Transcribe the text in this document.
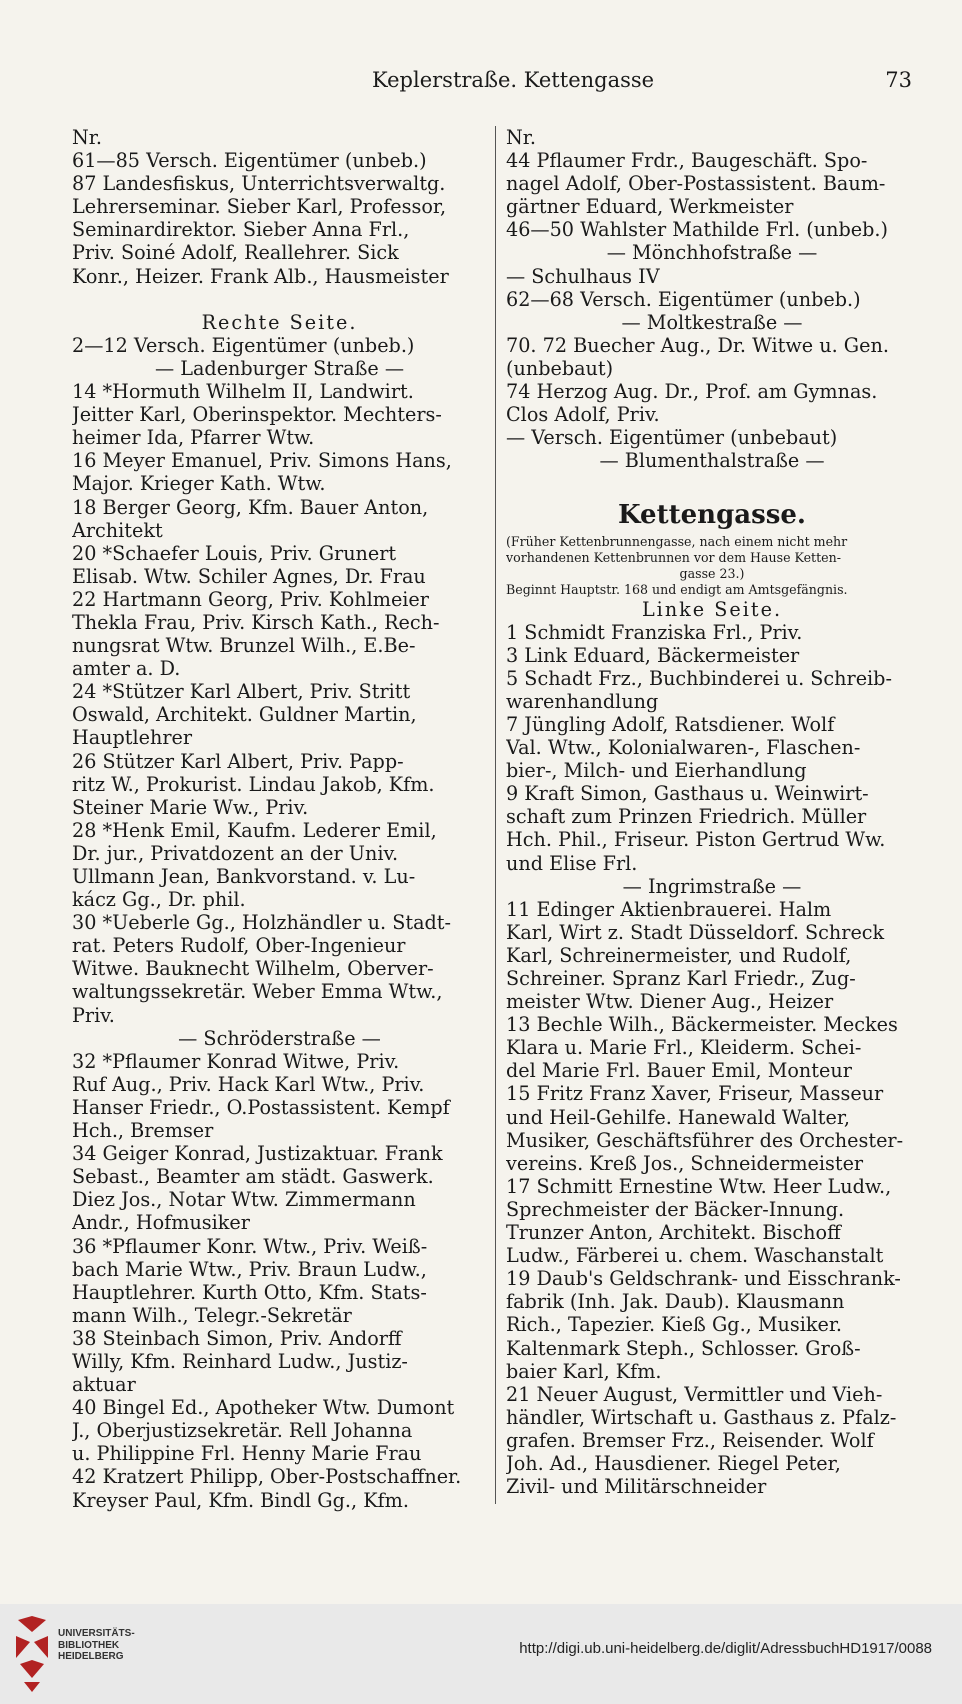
Keplerstraße. Kettengasse	73
Nr.
61—85 Versch. Eigentümer (unbeb.)
87 Landesfiskus, Unterrichtsverwaltg.
Lehrerseminar. Sieber Karl, Professor,
Seminardirektor. Sieber Anna Frl.,
Priv. Soiné Adolf, Reallehrer. Sick
Konr., Heizer. Frank Alb., Hausmeister
Rechte Seite.
2—12 Versch. Eigentümer (unbeb.)
— Ladenburger Straße —
14 *Hormuth Wilhelm II, Landwirt.
Jeitter Karl, Oberinspektor. Mechters-
heimer Ida, Pfarrer Wtw.
16 Meyer Emanuel, Priv. Simons Hans,
Major. Krieger Kath. Wtw.
18 Berger Georg, Kfm. Bauer Anton,
Architekt
20 *Schaefer Louis, Priv. Grunert
Elisab. Wtw. Schiler Agnes, Dr. Frau
22 Hartmann Georg, Priv. Kohlmeier
Thekla Frau, Priv. Kirsch Kath., Rech-
nungsrat Wtw. Brunzel Wilh., E.Be-
amter a. D.
24 *Stützer Karl Albert, Priv. Stritt
Oswald, Architekt. Guldner Martin,
Hauptlehrer
26 Stützer Karl Albert, Priv. Papp-
ritz W., Prokurist. Lindau Jakob, Kfm.
Steiner Marie Ww., Priv.
28 *Henk Emil, Kaufm. Lederer Emil,
Dr. jur., Privatdozent an der Univ.
Ullmann Jean, Bankvorstand. v. Lu-
kácz Gg., Dr. phil.
30 *Ueberle Gg., Holzhändler u. Stadt-
rat. Peters Rudolf, Ober-Ingenieur
Witwe. Bauknecht Wilhelm, Oberver-
waltungssekretär. Weber Emma Wtw.,
Priv.
— Schröderstraße —
32 *Pflaumer Konrad Witwe, Priv.
Ruf Aug., Priv. Hack Karl Wtw., Priv.
Hanser Friedr., O.Postassistent. Kempf
Hch., Bremser
34 Geiger Konrad, Justizaktuar. Frank
Sebast., Beamter am städt. Gaswerk.
Diez Jos., Notar Wtw. Zimmermann
Andr., Hofmusiker
36 *Pflaumer Konr. Wtw., Priv. Weiß-
bach Marie Wtw., Priv. Braun Ludw.,
Hauptlehrer. Kurth Otto, Kfm. Stats-
mann Wilh., Telegr.-Sekretär
38 Steinbach Simon, Priv. Andorff
Willy, Kfm. Reinhard Ludw., Justiz-
aktuar
40 Bingel Ed., Apotheker Wtw. Dumont
J., Oberjustizsekretär. Rell Johanna
u. Philippine Frl. Henny Marie Frau
42 Kratzert Philipp, Ober-Postschaffner.
Kreyser Paul, Kfm. Bindl Gg., Kfm.
Nr.
44 Pflaumer Frdr., Baugeschäft. Spo-
nagel Adolf, Ober-Postassistent. Baum-
gärtner Eduard, Werkmeister
46—50 Wahlster Mathilde Frl. (unbeb.)
— Mönchhofstraße —
— Schulhaus IV
62—68 Versch. Eigentümer (unbeb.)
— Moltkestraße —
70. 72 Buecher Aug., Dr. Witwe u. Gen.
(unbebaut)
74 Herzog Aug. Dr., Prof. am Gymnas.
Clos Adolf, Priv.
— Versch. Eigentümer (unbebaut)
— Blumenthalstraße —
Kettengasse.
(Früher Kettenbrunnengasse, nach einem nicht mehr
vorhandenen Kettenbrunnen vor dem Hause Ketten-
gasse 23.)
Beginnt Hauptstr. 168 und endigt am Amtsgefängnis.
Linke Seite.
1 Schmidt Franziska Frl., Priv.
3 Link Eduard, Bäckermeister
5 Schadt Frz., Buchbinderei u. Schreib-
warenhandlung
7 Jüngling Adolf, Ratsdiener. Wolf
Val. Wtw., Kolonialwaren-, Flaschen-
bier-, Milch- und Eierhandlung
9 Kraft Simon, Gasthaus u. Weinwirt-
schaft zum Prinzen Friedrich. Müller
Hch. Phil., Friseur. Piston Gertrud Ww.
und Elise Frl.
— Ingrimstraße —
11 Edinger Aktienbrauerei. Halm
Karl, Wirt z. Stadt Düsseldorf. Schreck
Karl, Schreinermeister, und Rudolf,
Schreiner. Spranz Karl Friedr., Zug-
meister Wtw. Diener Aug., Heizer
13 Bechle Wilh., Bäckermeister. Meckes
Klara u. Marie Frl., Kleiderm. Schei-
del Marie Frl. Bauer Emil, Monteur
15 Fritz Franz Xaver, Friseur, Masseur
und Heil-Gehilfe. Hanewald Walter,
Musiker, Geschäftsführer des Orchester-
vereins. Kreß Jos., Schneidermeister
17 Schmitt Ernestine Wtw. Heer Ludw.,
Sprechmeister der Bäcker-Innung.
Trunzer Anton, Architekt. Bischoff
Ludw., Färberei u. chem. Waschanstalt
19 Daub's Geldschrank- und Eisschrank-
fabrik (Inh. Jak. Daub). Klausmann
Rich., Tapezier. Kieß Gg., Musiker.
Kaltenmark Steph., Schlosser. Groß-
baier Karl, Kfm.
21 Neuer August, Vermittler und Vieh-
händler, Wirtschaft u. Gasthaus z. Pfalz-
grafen. Bremser Frz., Reisender. Wolf
Joh. Ad., Hausdiener. Riegel Peter,
Zivil- und Militärschneider
UNIVERSITÄTS-
BIBLIOTHEK
HEIDELBERG	http://digi.ub.uni-heidelberg.de/diglit/AdressbuchHD1917/0088
